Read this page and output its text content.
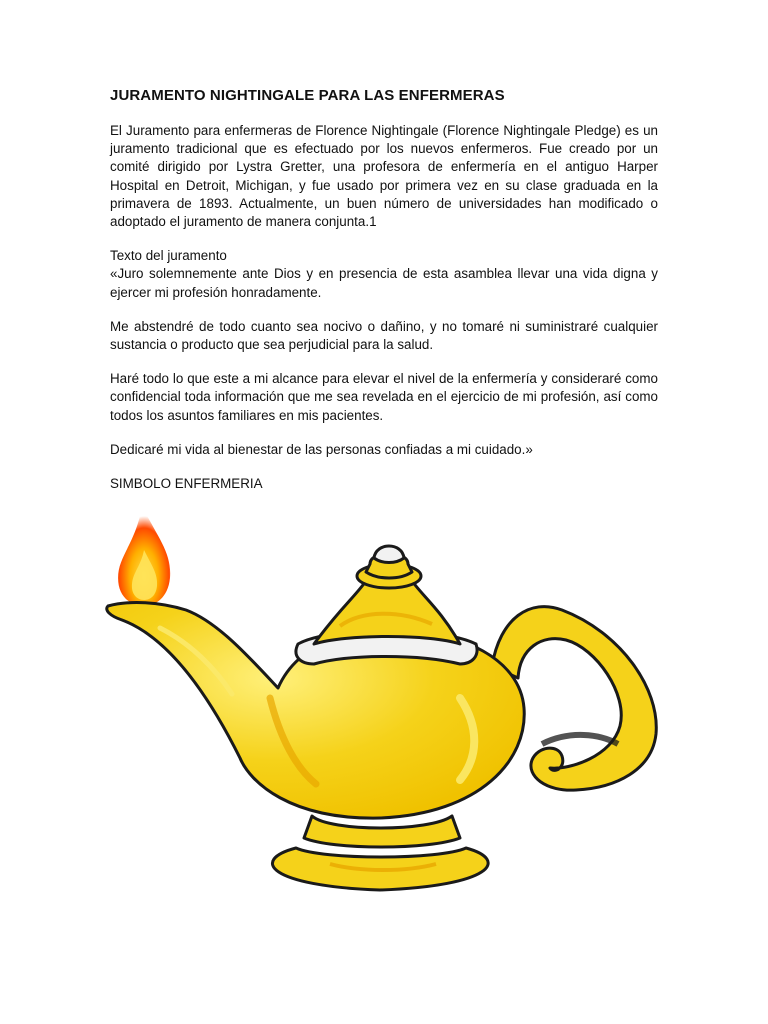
JURAMENTO NIGHTINGALE PARA LAS ENFERMERAS

El Juramento para enfermeras de Florence Nightingale (Florence Nightingale Pledge) es un juramento tradicional que es efectuado por los nuevos enfermeros. Fue creado por un comité dirigido por Lystra Gretter, una profesora de enfermería en el antiguo Harper Hospital en Detroit, Michigan, y fue usado por primera vez en su clase graduada en la primavera de 1893. Actualmente, un buen número de universidades han modificado o adoptado el juramento de manera conjunta.1

Texto del juramento

«Juro solemnemente ante Dios y en presencia de esta asamblea llevar una vida digna y ejercer mi profesión honradamente.

Me abstendré de todo cuanto sea nocivo o dañino, y no tomaré ni suministraré cualquier sustancia o producto que sea perjudicial para la salud.

Haré todo lo que este a mi alcance para elevar el nivel de la enfermería y consideraré como confidencial toda información que me sea revelada en el ejercicio de mi profesión, así como todos los asuntos familiares en mis pacientes.

Dedicaré mi vida al bienestar de las personas confiadas a mi cuidado.»

SIMBOLO ENFERMERIA
